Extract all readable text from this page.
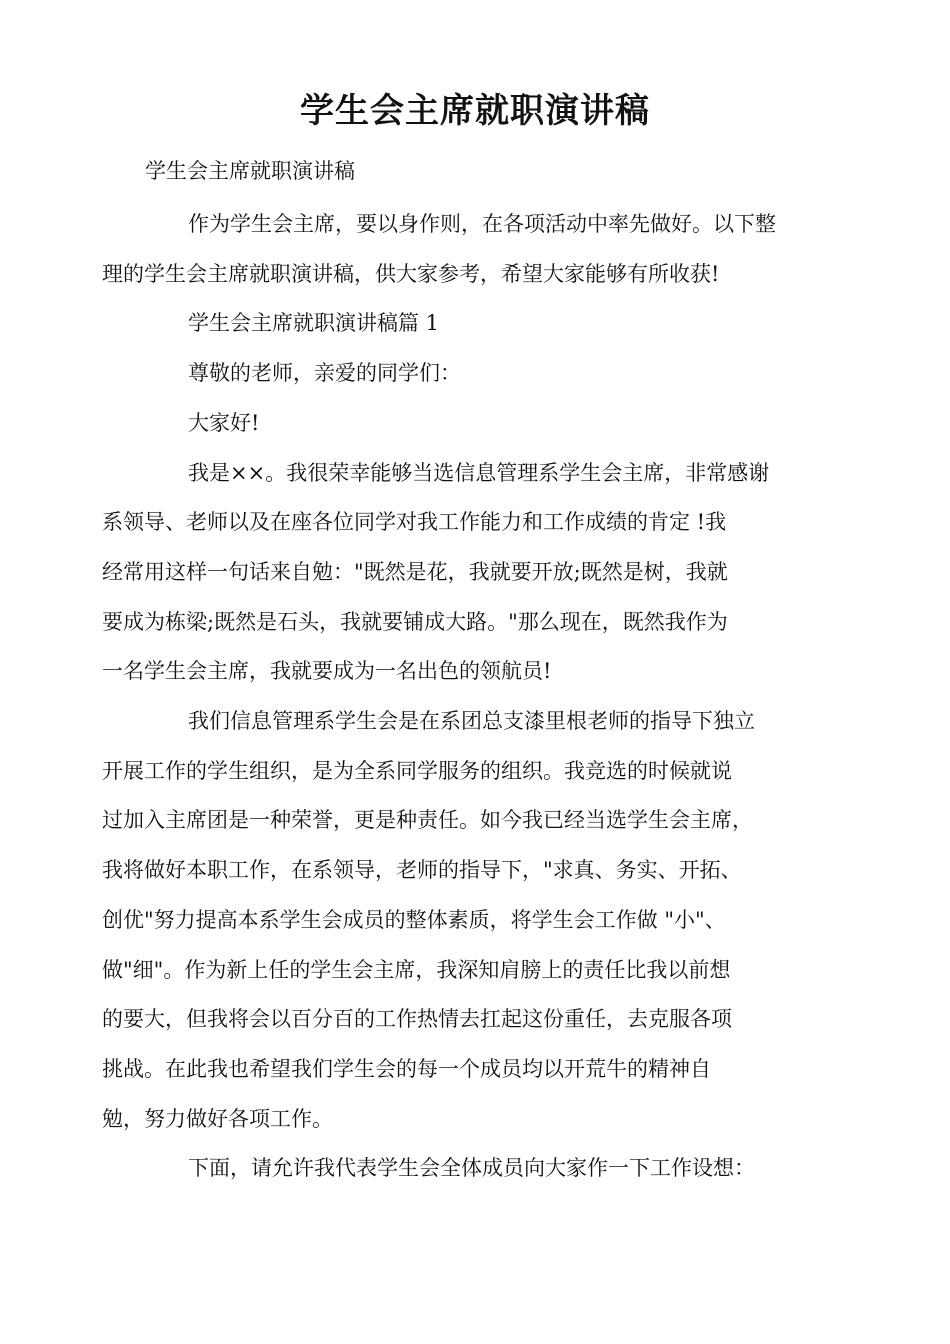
学生会主席就职演讲稿
学生会主席就职演讲稿

作为学生会主席，要以身作则，在各项活动中率先做好。以下整
理的学生会主席就职演讲稿，供大家参考，希望大家能够有所收获!

学生会主席就职演讲稿篇 1

尊敬的老师，亲爱的同学们：

大家好!

我是××。我很荣幸能够当选信息管理系学生会主席，非常感谢
系领导、老师以及在座各位同学对我工作能力和工作成绩的肯定 !我
经常用这样一句话来自勉："既然是花，我就要开放;既然是树，我就
要成为栋梁;既然是石头，我就要铺成大路。"那么现在，既然我作为
一名学生会主席，我就要成为一名出色的领航员!

我们信息管理系学生会是在系团总支漆里根老师的指导下独立
开展工作的学生组织，是为全系同学服务的组织。我竞选的时候就说
过加入主席团是一种荣誉，更是种责任。如今我已经当选学生会主席，
我将做好本职工作，在系领导，老师的指导下，"求真、务实、开拓、
创优"努力提高本系学生会成员的整体素质，将学生会工作做 "小"、
做"细"。作为新上任的学生会主席，我深知肩膀上的责任比我以前想
的要大，但我将会以百分百的工作热情去扛起这份重任，去克服各项
挑战。在此我也希望我们学生会的每一个成员均以开荒牛的精神自
勉，努力做好各项工作。

下面，请允许我代表学生会全体成员向大家作一下工作设想：
